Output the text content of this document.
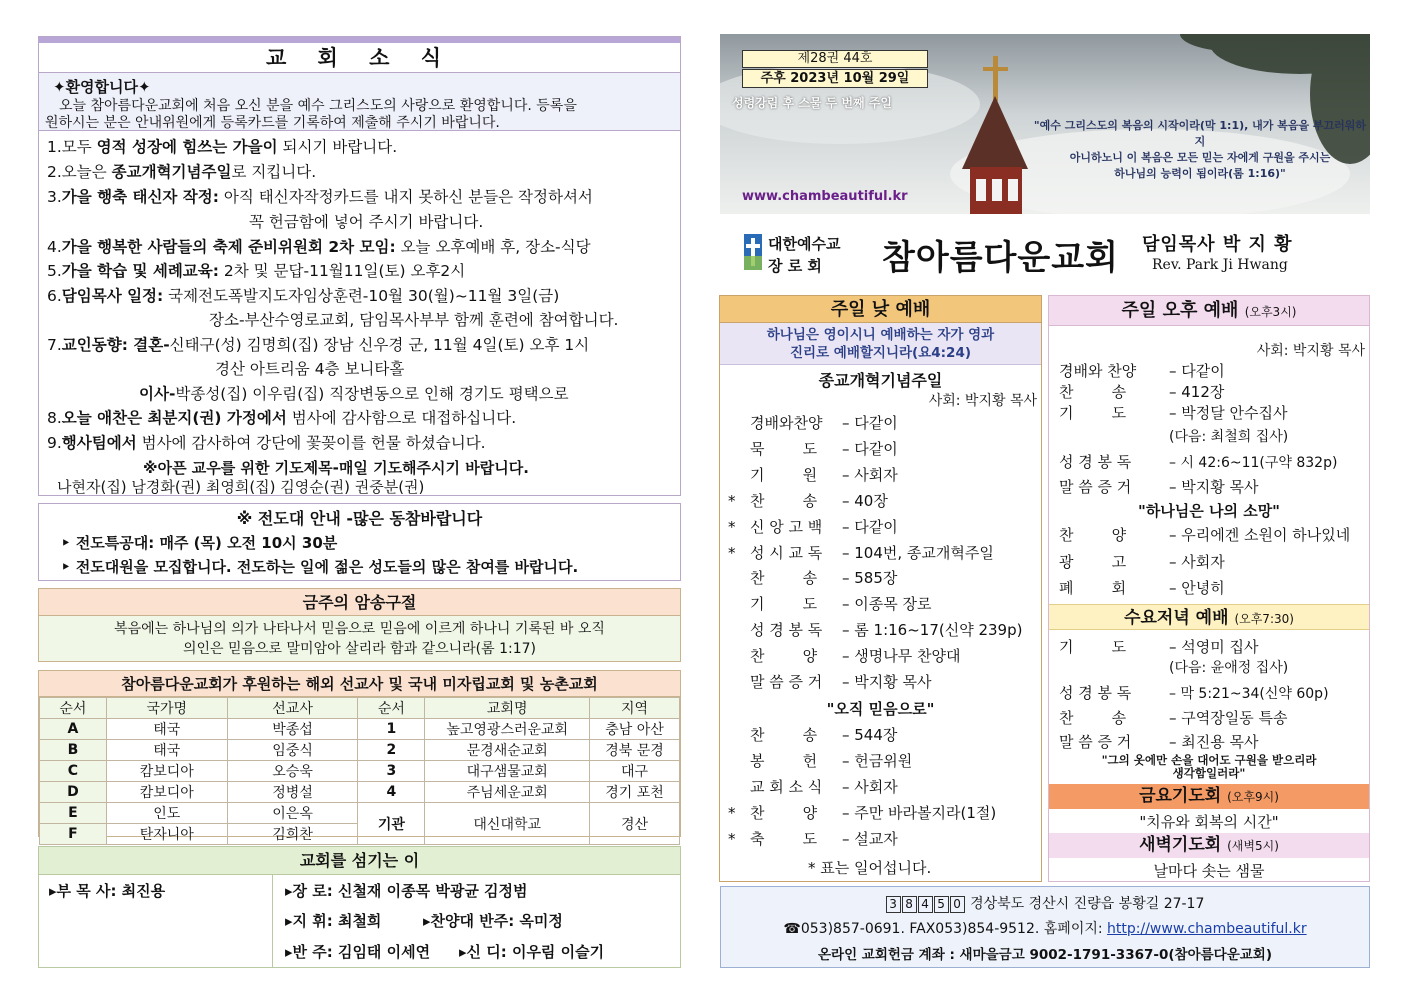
교 회 소 식
✦환영합니다✦
오늘 참아름다운교회에 처음 오신 분을 예수 그리스도의 사랑으로 환영합니다. 등록을
원하시는 분은 안내위원에게 등록카드를 기록하여 제출해 주시기 바랍니다.
1.모두 영적 성장에 힘쓰는 가을이 되시기 바랍니다.
2.오늘은 종교개혁기념주일로 지킵니다.
3.가을 행축 태신자 작정: 아직 태신자작정카드를 내지 못하신 분들은 작정하셔서
꼭 헌금함에 넣어 주시기 바랍니다.
4.가을 행복한 사람들의 축제 준비위원회 2차 모임: 오늘 오후예배 후, 장소-식당
5.가을 학습 및 세례교육: 2차 및 문답-11월11일(토) 오후2시
6.담임목사 일정: 국제전도폭발지도자임상훈련-10월 30(월)~11월 3일(금)
장소-부산수영로교회, 담임목사부부 함께 훈련에 참여합니다.
7.교인동향: 결혼-신태구(성) 김명희(집) 장남 신우경 군, 11월 4일(토) 오후 1시
경산 아트리움 4층 보니타홀
이사-박종성(집) 이우림(집) 직장변동으로 인해 경기도 평택으로
8.오늘 애찬은 최분지(권) 가정에서 범사에 감사함으로 대접하십니다.
9.행사팀에서 범사에 감사하여 강단에 꽃꽂이를 헌물 하셨습니다.
※아픈 교우를 위한 기도제목-매일 기도해주시기 바랍니다.
나현자(집) 남경화(권) 최영희(집) 김영순(권) 권중분(권)
※ 전도대 안내 -많은 동참바랍니다
‣ 전도특공대: 매주 (목) 오전 10시 30분
‣ 전도대원을 모집합니다. 전도하는 일에 젊은 성도들의 많은 참여를 바랍니다.
금주의 암송구절
복음에는 하나님의 의가 나타나서 믿음으로 믿음에 이르게 하나니 기록된 바 오직
의인은 믿음으로 말미암아 살리라 함과 같으니라(롬 1:17)
참아름다운교회가 후원하는 해외 선교사 및 국내 미자립교회 및 농촌교회
순서	국가명	선교사	순서	교회명	지역
A	태국	박종섭	1	높고영광스러운교회	충남 아산
B	태국	임중식	2	문경새순교회	경북 문경
C	캄보디아	오승욱	3	대구샘물교회	대구
D	캄보디아	정병설	4	주님세운교회	경기 포천
E	인도	이은옥	기관	대신대학교	경산
F	탄자니아	김희찬			
교회를 섬기는 이
▸부 목 사: 최진용	▸장 로: 신철재 이종목 박광균 김정범
▸지 휘: 최철희	▸찬양대 반주: 옥미정
▸반 주: 김임태 이세연 ▸신 디: 이우림 이슬기
제28권 44호
주후 2023년 10월 29일
성령강림 후 스물 두 번째 주일
"예수 그리스도의 복음의 시작이라(막 1:1), 내가 복음을 부끄러워하지
아니하노니 이 복음은 모든 믿는 자에게 구원을 주시는
하나님의 능력이 됨이라(롬 1:16)"
www.chambeautiful.kr
대한예수교
장 로 회 참아름다운교회 담임목사 박 지 황
Rev. Park Ji Hwang
주일 낮 예배
하나님은 영이시니 예배하는 자가 영과
진리로 예배할지니라(요4:24)
종교개혁기념주일
사회: 박지황 목사
경배와찬양 – 다같이
묵        도 – 다같이
기        원 – 사회자
* 찬        송 – 40장
* 신 앙 고 백 – 다같이
* 성 시 교 독 – 104번, 종교개혁주일
찬        송 – 585장
기        도 – 이종목 장로
성 경 봉 독 – 롬 1:16~17(신약 239p)
찬        양 – 생명나무 찬양대
말 씀 증 거 – 박지황 목사
"오직 믿음으로"
찬        송 – 544장
봉        헌 – 헌금위원
교 회 소 식 – 사회자
* 찬        양 – 주만 바라볼지라(1절)
* 축        도 – 설교자
* 표는 일어섭니다.
주일 오후 예배 (오후3시)
사회: 박지황 목사
경배와 찬양 – 다같이
찬        송	– 412장
기        도	– 박정달 안수집사
(다음: 최철희 집사)
성 경 봉 독	– 시 42:6~11(구약 832p)
말 씀 증 거	– 박지황 목사
"하나님은 나의 소망"
찬        양	– 우리에겐 소원이 하나있네
광        고	– 사회자
폐        회	– 안녕히
수요저녁 예배 (오후7:30)
기        도	– 석영미 집사
(다음: 윤애정 집사)
성 경 봉 독	– 막 5:21~34(신약 60p)
찬        송	– 구역장일동 특송
말 씀 증 거	– 최진용 목사
"그의 옷에만 손을 대어도 구원을 받으리라
생각함일러라"
금요기도회 (오후9시)
"치유와 회복의 시간"
새벽기도회 (새벽5시)
날마다 솟는 샘물
3 8 4 5 0 경상북도 경산시 진량읍 봉황길 27-17
☎053)857-0691. FAX053)854-9512. 홈페이지: http://www.chambeautiful.kr
온라인 교회헌금 계좌 : 새마을금고 9002-1791-3367-0(참아름다운교회)
